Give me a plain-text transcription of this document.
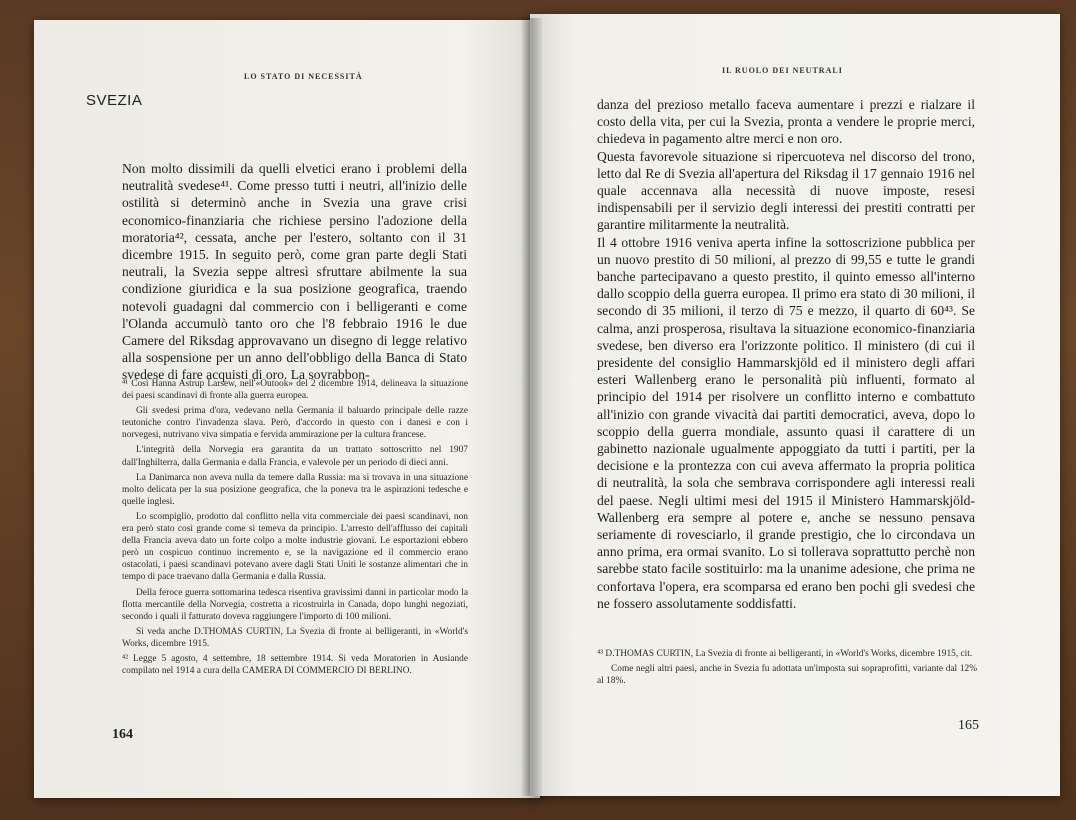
LO STATO DI NECESSITÀ
SVEZIA
Non molto dissimili da quelli elvetici erano i problemi della neutralità svedese⁴¹. Come presso tutti i neutri, all'inizio delle ostilità si determinò anche in Svezia una grave crisi economico-finanziaria che richiese persino l'adozione della moratoria⁴², cessata, anche per l'estero, soltanto con il 31 dicembre 1915. In seguito però, come gran parte degli Stati neutrali, la Svezia seppe altresì sfruttare abilmente la sua condizione giuridica e la sua posizione geografica, traendo notevoli guadagni dal commercio con i belligeranti e come l'Olanda accumulò tanto oro che l'8 febbraio 1916 le due Camere del Riksdag approvavano un disegno di legge relativo alla sospensione per un anno dell'obbligo della Banca di Stato svedese di fare acquisti di oro. La sovrabbon-

⁴¹ Così Hanna Astrup Larsew, nell'«Outook» del 2 dicembre 1914, delineava la situazione dei paesi scandinavi di fronte alla guerra europea.

Gli svedesi prima d'ora, vedevano nella Germania il baluardo principale delle razze teutoniche contro l'invadenza slava. Però, d'accordo in questo con i danesi e con i norvegesi, nutrivano viva simpatia e fervida ammirazione per la cultura francese.

L'integrità della Norvegia era garantita da un trattato sottoscritto nel 1907 dall'Inghilterra, dalla Germania e dalla Francia, e valevole per un periodo di dieci anni.

La Danimarca non aveva nulla da temere dalla Russia: ma si trovava in una situazione molto delicata per la sua posizione geografica, che la poneva tra le aspirazioni tedesche e quelle inglesi.

Lo scompiglio, prodotto dal conflitto nella vita commerciale dei paesi scandinavi, non era però stato così grande come si temeva da principio. L'arresto dell'afflusso dei capitali della Francia aveva dato un forte colpo a molte industrie giovani. Le esportazioni ebbero però un cospicuo continuo incremento e, se la navigazione ed il commercio erano ostacolati, i paesi scandinavi potevano avere dagli Stati Uniti le sostanze alimentari che in tempo di pace traevano dalla Germania e dalla Russia.

Della feroce guerra sottomarina tedesca risentiva gravissimi danni in particolar modo la flotta mercantile della Norvegia, costretta a ricostruirla in Canada, dopo lunghi negoziati, secondo i quali il fatturato doveva raggiungere l'importo di 100 milioni.

Si veda anche D.THOMAS CURTIN, La Svezia di fronte ai belligeranti, in «World's Works, dicembre 1915.

⁴² Legge 5 agosto, 4 settembre, 18 settembre 1914. Si veda Moratorien in Ausiande compilato nel 1914 a cura della CAMERA DI COMMERCIO DI BERLINO.

164
IL RUOLO DEI NEUTRALI

danza del prezioso metallo faceva aumentare i prezzi e rialzare il costo della vita, per cui la Svezia, pronta a vendere le proprie merci, chiedeva in pagamento altre merci e non oro.

Questa favorevole situazione si ripercuoteva nel discorso del trono, letto dal Re di Svezia all'apertura del Riksdag il 17 gennaio 1916 nel quale accennava alla necessità di nuove imposte, resesi indispensabili per il servizio degli interessi dei prestiti contratti per garantire militarmente la neutralità.

Il 4 ottobre 1916 veniva aperta infine la sottoscrizione pubblica per un nuovo prestito di 50 milioni, al prezzo di 99,55 e tutte le grandi banche partecipavano a questo prestito, il quinto emesso all'interno dallo scoppio della guerra europea. Il primo era stato di 30 milioni, il secondo di 35 milioni, il terzo di 75 e mezzo, il quarto di 60⁴³. Se calma, anzi prosperosa, risultava la situazione economico-finanziaria svedese, ben diverso era l'orizzonte politico. Il ministero (di cui il presidente del consiglio Hammarskjöld ed il ministero degli affari esteri Wallenberg erano le personalità più influenti, formato al principio del 1914 per risolvere un conflitto interno e combattuto all'inizio con grande vivacità dai partiti democratici, aveva, dopo lo scoppio della guerra mondiale, assunto quasi il carattere di un gabinetto nazionale ugualmente appoggiato da tutti i partiti, per la decisione e la prontezza con cui aveva affermato la propria politica di neutralità, la sola che sembrava corrispondere agli interessi reali del paese. Negli ultimi mesi del 1915 il Ministero Hammarskjöld-Wallenberg era sempre al potere e, anche se nessuno pensava seriamente di rovesciarlo, il grande prestigio, che lo circondava un anno prima, era ormai svanito. Lo si tollerava soprattutto perchè non sarebbe stato facile sostituirlo: ma la unanime adesione, che prima ne confortava l'opera, era scomparsa ed erano ben pochi gli svedesi che ne fossero assolutamente soddisfatti.

⁴³ D.THOMAS CURTIN, La Svezia di fronte ai belligeranti, in «World's Works, dicembre 1915, cit.

Come negli altri paesi, anche in Svezia fu adottata un'imposta sui sopraprofitti, variante dal 12% al 18%.

165
